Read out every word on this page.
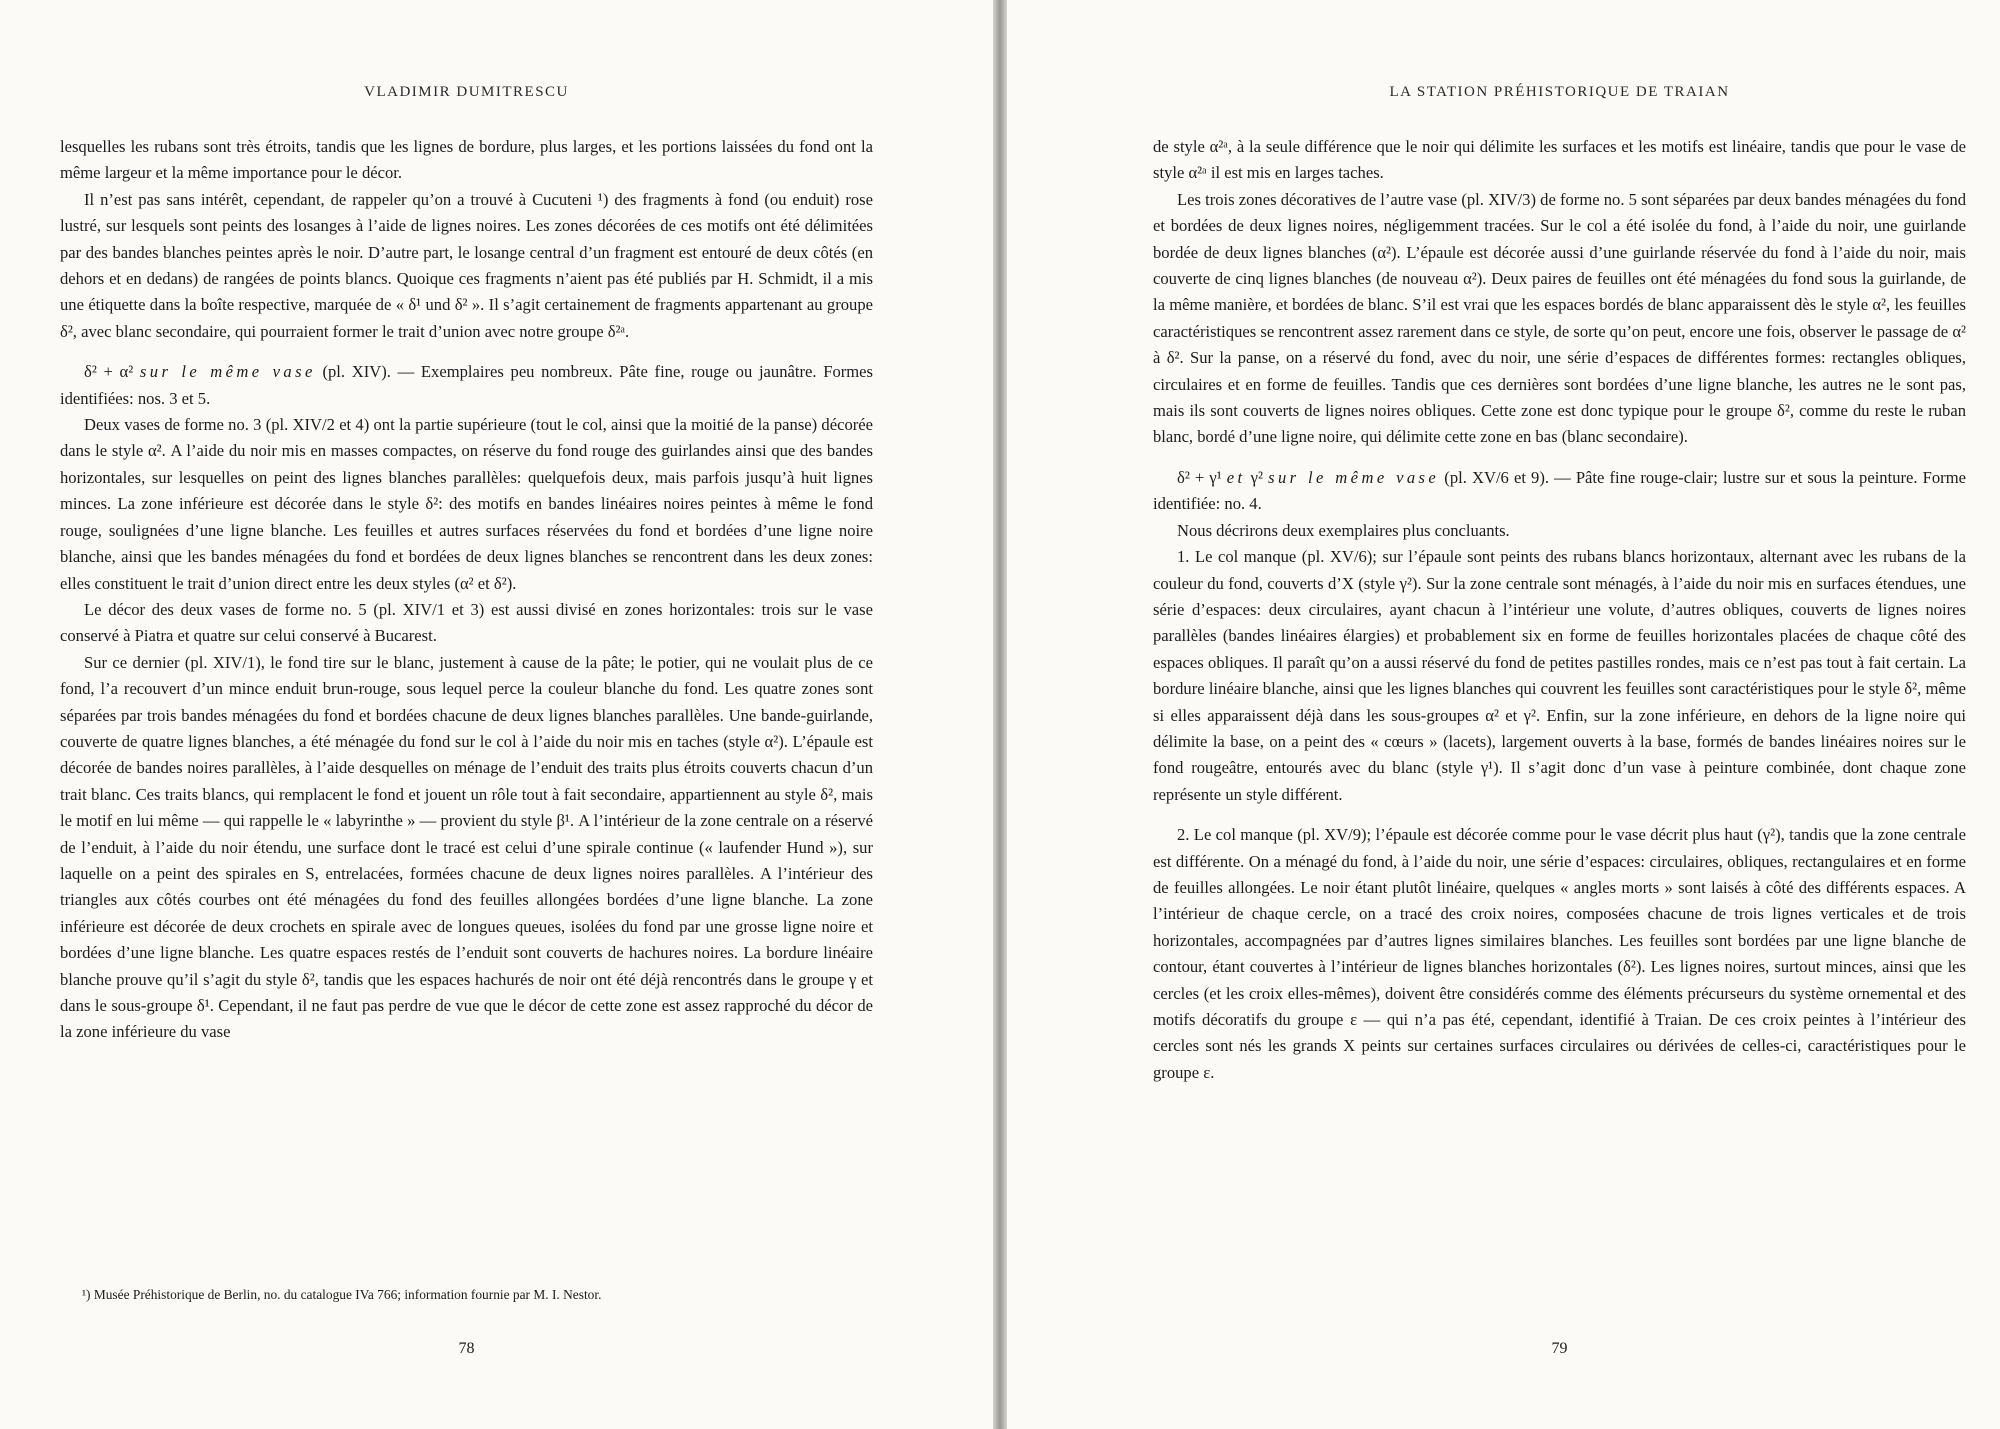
VLADIMIR DUMITRESCU

lesquelles les rubans sont très étroits, tandis que les lignes de bordure, plus larges, et les portions laissées du fond ont la même largeur et la même importance pour le décor.

Il n’est pas sans intérêt, cependant, de rappeler qu’on a trouvé à Cucuteni ¹) des fragments à fond (ou enduit) rose lustré, sur lesquels sont peints des losanges à l’aide de lignes noires. Les zones décorées de ces motifs ont été délimitées par des bandes blanches peintes après le noir. D’autre part, le losange central d’un fragment est entouré de deux côtés (en dehors et en dedans) de rangées de points blancs. Quoique ces fragments n’aient pas été publiés par H. Schmidt, il a mis une étiquette dans la boîte respective, marquée de « δ¹ und δ² ». Il s’agit certainement de fragments appartenant au groupe δ², avec blanc secondaire, qui pourraient former le trait d’union avec notre groupe δ²ᵃ.

δ² + α² sur le même vase (pl. XIV). — Exemplaires peu nombreux. Pâte fine, rouge ou jaunâtre. Formes identifiées: nos. 3 et 5.

Deux vases de forme no. 3 (pl. XIV/2 et 4) ont la partie supérieure (tout le col, ainsi que la moitié de la panse) décorée dans le style α². A l’aide du noir mis en masses compactes, on réserve du fond rouge des guirlandes ainsi que des bandes horizontales, sur lesquelles on peint des lignes blanches parallèles: quelquefois deux, mais parfois jusqu’à huit lignes minces. La zone inférieure est décorée dans le style δ²: des motifs en bandes linéaires noires peintes à même le fond rouge, soulignées d’une ligne blanche. Les feuilles et autres surfaces réservées du fond et bordées d’une ligne noire blanche, ainsi que les bandes ménagées du fond et bordées de deux lignes blanches se rencontrent dans les deux zones: elles constituent le trait d’union direct entre les deux styles (α² et δ²).

Le décor des deux vases de forme no. 5 (pl. XIV/1 et 3) est aussi divisé en zones horizontales: trois sur le vase conservé à Piatra et quatre sur celui conservé à Bucarest.

Sur ce dernier (pl. XIV/1), le fond tire sur le blanc, justement à cause de la pâte; le potier, qui ne voulait plus de ce fond, l’a recouvert d’un mince enduit brun-rouge, sous lequel perce la couleur blanche du fond. Les quatre zones sont séparées par trois bandes ménagées du fond et bordées chacune de deux lignes blanches parallèles. Une bande-guirlande, couverte de quatre lignes blanches, a été ménagée du fond sur le col à l’aide du noir mis en taches (style α²). L’épaule est décorée de bandes noires parallèles, à l’aide desquelles on ménage de l’enduit des traits plus étroits couverts chacun d’un trait blanc. Ces traits blancs, qui remplacent le fond et jouent un rôle tout à fait secondaire, appartiennent au style δ², mais le motif en lui même — qui rappelle le « labyrinthe » — provient du style β¹. A l’intérieur de la zone centrale on a réservé de l’enduit, à l’aide du noir étendu, une surface dont le tracé est celui d’une spirale continue (« laufender Hund »), sur laquelle on a peint des spirales en S, entrelacées, formées chacune de deux lignes noires parallèles. A l’intérieur des triangles aux côtés courbes ont été ménagées du fond des feuilles allongées bordées d’une ligne blanche. La zone inférieure est décorée de deux crochets en spirale avec de longues queues, isolées du fond par une grosse ligne noire et bordées d’une ligne blanche. Les quatre espaces restés de l’enduit sont couverts de hachures noires. La bordure linéaire blanche prouve qu’il s’agit du style δ², tandis que les espaces hachurés de noir ont été déjà rencontrés dans le groupe γ et dans le sous-groupe δ¹. Cependant, il ne faut pas perdre de vue que le décor de cette zone est assez rapproché du décor de la zone inférieure du vase

¹) Musée Préhistorique de Berlin, no. du catalogue IVa 766; information fournie par M. I. Nestor.
78
LA STATION PRÉHISTORIQUE DE TRAIAN

de style α²ᵃ, à la seule différence que le noir qui délimite les surfaces et les motifs est linéaire, tandis que pour le vase de style α²ᵃ il est mis en larges taches.

Les trois zones décoratives de l’autre vase (pl. XIV/3) de forme no. 5 sont séparées par deux bandes ménagées du fond et bordées de deux lignes noires, négligemment tracées. Sur le col a été isolée du fond, à l’aide du noir, une guirlande bordée de deux lignes blanches (α²). L’épaule est décorée aussi d’une guirlande réservée du fond à l’aide du noir, mais couverte de cinq lignes blanches (de nouveau α²). Deux paires de feuilles ont été ménagées du fond sous la guirlande, de la même manière, et bordées de blanc. S’il est vrai que les espaces bordés de blanc apparaissent dès le style α², les feuilles caractéristiques se rencontrent assez rarement dans ce style, de sorte qu’on peut, encore une fois, observer le passage de α² à δ². Sur la panse, on a réservé du fond, avec du noir, une série d’espaces de différentes formes: rectangles obliques, circulaires et en forme de feuilles. Tandis que ces dernières sont bordées d’une ligne blanche, les autres ne le sont pas, mais ils sont couverts de lignes noires obliques. Cette zone est donc typique pour le groupe δ², comme du reste le ruban blanc, bordé d’une ligne noire, qui délimite cette zone en bas (blanc secondaire).

δ² + γ¹ et γ² sur le même vase (pl. XV/6 et 9). — Pâte fine rouge-clair; lustre sur et sous la peinture. Forme identifiée: no. 4.

Nous décrirons deux exemplaires plus concluants.

1. Le col manque (pl. XV/6); sur l’épaule sont peints des rubans blancs horizontaux, alternant avec les rubans de la couleur du fond, couverts d’X (style γ²). Sur la zone centrale sont ménagés, à l’aide du noir mis en surfaces étendues, une série d’espaces: deux circulaires, ayant chacun à l’intérieur une volute, d’autres obliques, couverts de lignes noires parallèles (bandes linéaires élargies) et probablement six en forme de feuilles horizontales placées de chaque côté des espaces obliques. Il paraît qu’on a aussi réservé du fond de petites pastilles rondes, mais ce n’est pas tout à fait certain. La bordure linéaire blanche, ainsi que les lignes blanches qui couvrent les feuilles sont caractéristiques pour le style δ², même si elles apparaissent déjà dans les sous-groupes α² et γ². Enfin, sur la zone inférieure, en dehors de la ligne noire qui délimite la base, on a peint des « cœurs » (lacets), largement ouverts à la base, formés de bandes linéaires noires sur le fond rougeâtre, entourés avec du blanc (style γ¹). Il s’agit donc d’un vase à peinture combinée, dont chaque zone représente un style différent.

2. Le col manque (pl. XV/9); l’épaule est décorée comme pour le vase décrit plus haut (γ²), tandis que la zone centrale est différente. On a ménagé du fond, à l’aide du noir, une série d’espaces: circulaires, obliques, rectangulaires et en forme de feuilles allongées. Le noir étant plutôt linéaire, quelques « angles morts » sont laisés à côté des différents espaces. A l’intérieur de chaque cercle, on a tracé des croix noires, composées chacune de trois lignes verticales et de trois horizontales, accompagnées par d’autres lignes similaires blanches. Les feuilles sont bordées par une ligne blanche de contour, étant couvertes à l’intérieur de lignes blanches horizontales (δ²). Les lignes noires, surtout minces, ainsi que les cercles (et les croix elles-mêmes), doivent être considérés comme des éléments précurseurs du système ornemental et des motifs décoratifs du groupe ε — qui n’a pas été, cependant, identifié à Traian. De ces croix peintes à l’intérieur des cercles sont nés les grands X peints sur certaines surfaces circulaires ou dérivées de celles-ci, caractéristiques pour le groupe ε.

79
